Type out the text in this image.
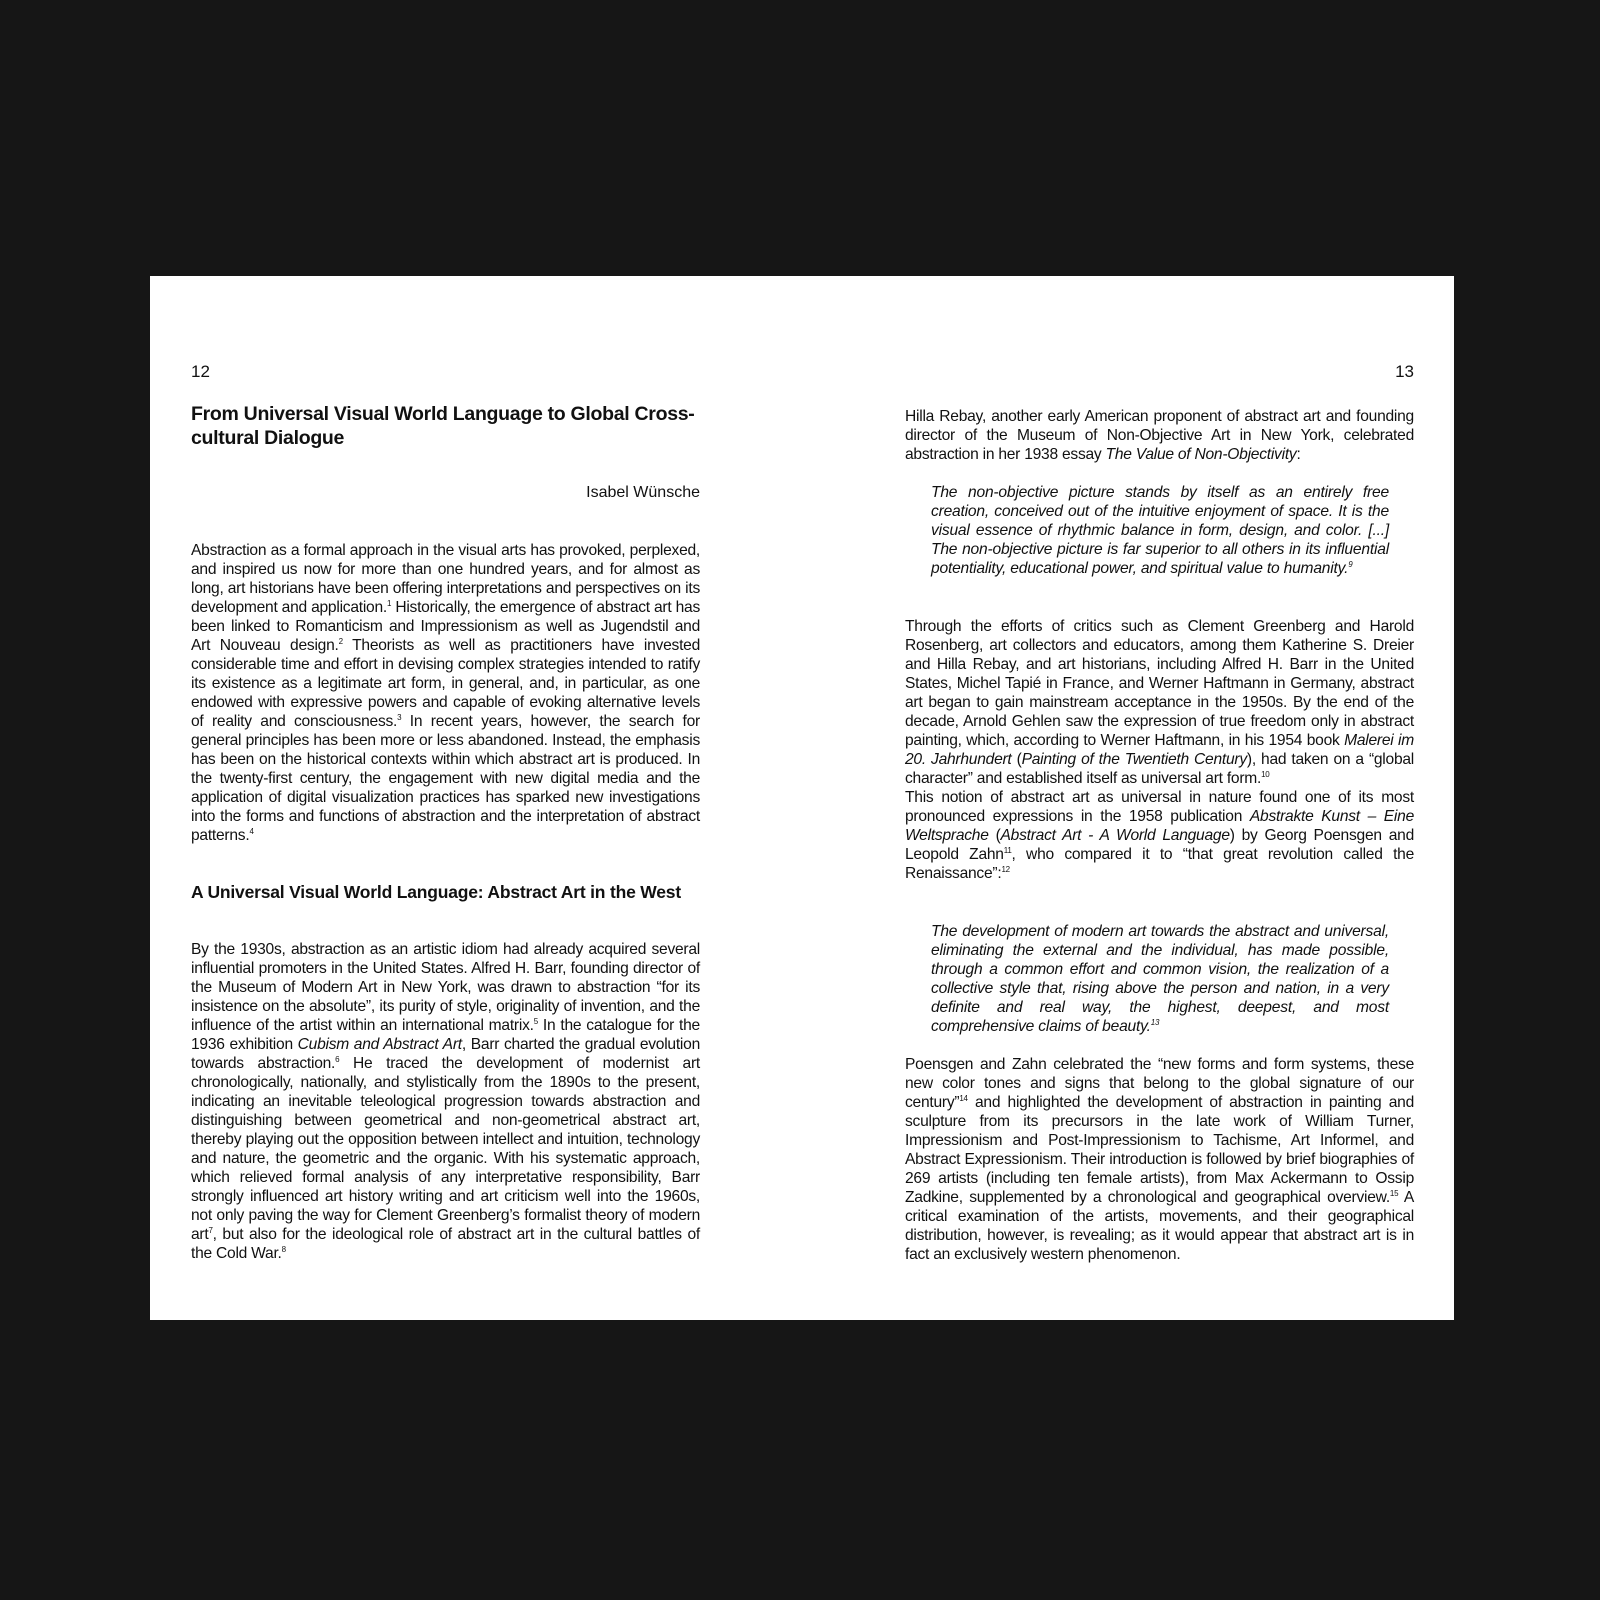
12
From Universal Visual World Language to Global Cross-cultural Dialogue

Isabel Wünsche

Abstraction as a formal approach in the visual arts has provoked, perplexed, and inspired us now for more than one hundred years, and for almost as long, art historians have been offering interpretations and perspectives on its development and application.$^1$ Historically, the emergence of abstract art has been linked to Romanticism and Impressionism as well as Jugendstil and Art Nouveau design.$^2$ Theorists as well as practitioners have invested considerable time and effort in devising complex strategies intended to ratify its existence as a legitimate art form, in general, and, in particular, as one endowed with expressive powers and capable of evoking alternative levels of reality and consciousness.$^3$ In recent years, however, the search for general principles has been more or less abandoned. Instead, the emphasis has been on the historical contexts within which abstract art is produced. In the twenty-first century, the engagement with new digital media and the application of digital visualization practices has sparked new investigations into the forms and functions of abstraction and the interpretation of abstract patterns.$^4$

A Universal Visual World Language: Abstract Art in the West

By the 1930s, abstraction as an artistic idiom had already acquired several influential promoters in the United States. Alfred H. Barr, founding director of the Museum of Modern Art in New York, was drawn to abstraction “for its insistence on the absolute”, its purity of style, originality of invention, and the influence of the artist within an international matrix.$^5$ In the catalogue for the 1936 exhibition Cubism and Abstract Art, Barr charted the gradual evolution towards abstraction.$^6$ He traced the development of modernist art chronologically, nationally, and stylistically from the 1890s to the present, indicating an inevitable teleological progression towards abstraction and distinguishing between geometrical and non-geometrical abstract art, thereby playing out the opposition between intellect and intuition, technology and nature, the geometric and the organic. With his systematic approach, which relieved formal analysis of any interpretative responsibility, Barr strongly influenced art history writing and art criticism well into the 1960s, not only paving the way for Clement Greenberg’s formalist theory of modern art$^7$, but also for the ideological role of abstract art in the cultural battles of the Cold War.$^8$

13

Hilla Rebay, another early American proponent of abstract art and founding director of the Museum of Non-Objective Art in New York, celebrated abstraction in her 1938 essay The Value of Non-Objectivity:

The non-objective picture stands by itself as an entirely free creation, conceived out of the intuitive enjoyment of space. It is the visual essence of rhythmic balance in form, design, and color. [...] The non-objective picture is far superior to all others in its influential potentiality, educational power, and spiritual value to humanity.$^9$

Through the efforts of critics such as Clement Greenberg and Harold Rosenberg, art collectors and educators, among them Katherine S. Dreier and Hilla Rebay, and art historians, including Alfred H. Barr in the United States, Michel Tapié in France, and Werner Haftmann in Germany, abstract art began to gain mainstream acceptance in the 1950s. By the end of the decade, Arnold Gehlen saw the expression of true freedom only in abstract painting, which, according to Werner Haftmann, in his 1954 book Malerei im 20. Jahrhundert (Painting of the Twentieth Century), had taken on a “global character” and established itself as universal art form.$^{10}$
This notion of abstract art as universal in nature found one of its most pronounced expressions in the 1958 publication Abstrakte Kunst – Eine Weltsprache (Abstract Art - A World Language) by Georg Poensgen and Leopold Zahn$^{11}$, who compared it to “that great revolution called the Renaissance”:$^{12}$

The development of modern art towards the abstract and universal, eliminating the external and the individual, has made possible, through a common effort and common vision, the realization of a collective style that, rising above the person and nation, in a very definite and real way, the highest, deepest, and most comprehensive claims of beauty.$^{13}$

Poensgen and Zahn celebrated the “new forms and form systems, these new color tones and signs that belong to the global signature of our century”$^{14}$ and highlighted the development of abstraction in painting and sculpture from its precursors in the late work of William Turner, Impressionism and Post-Impressionism to Tachisme, Art Informel, and Abstract Expressionism. Their introduction is followed by brief biographies of 269 artists (including ten female artists), from Max Ackermann to Ossip Zadkine, supplemented by a chronological and geographical overview.$^{15}$ A critical examination of the artists, movements, and their geographical distribution, however, is revealing; as it would appear that abstract art is in fact an exclusively western phenomenon.
